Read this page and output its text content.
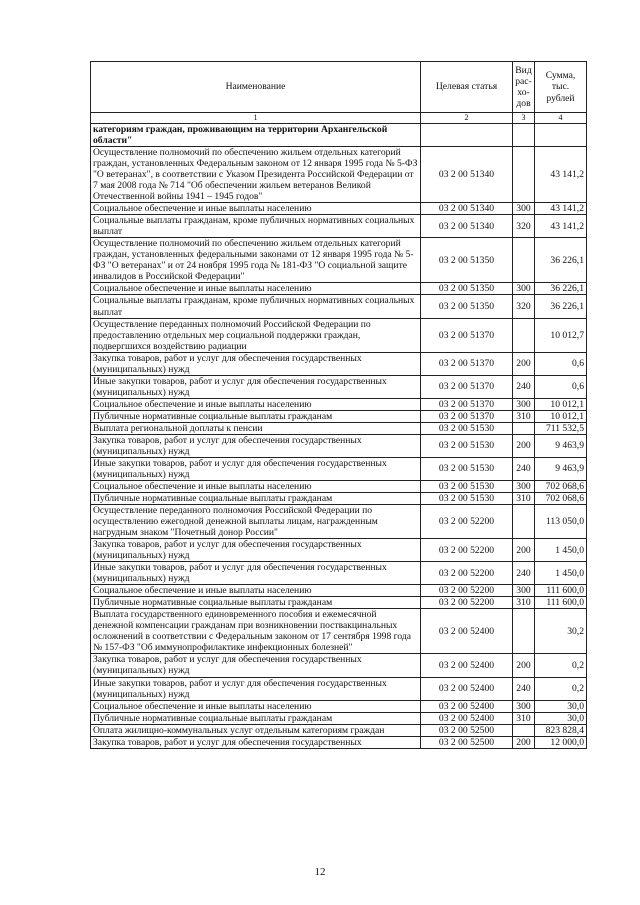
Наименование	Целевая статья	Вид рас-хо-дов	Сумма, тыс. рублей
1	2	3	4
категориям граждан, проживающим на территории Архангельской области"			
Осуществление полномочий по обеспечению жильем отдельных категорий граждан, установленных Федеральным законом от 12 января 1995 года № 5-ФЗ "О ветеранах", в соответствии с Указом Президента Российской Федерации от 7 мая 2008 года № 714 "Об обеспечении жильем ветеранов Великой Отечественной войны 1941 – 1945 годов"	03 2 00 51340		43 141,2
Социальное обеспечение и иные выплаты населению	03 2 00 51340	300	43 141,2
Социальные выплаты гражданам, кроме публичных нормативных социальных выплат	03 2 00 51340	320	43 141,2
Осуществление полномочий по обеспечению жильем отдельных категорий граждан, установленных федеральными законами от 12 января 1995 года № 5-ФЗ "О ветеранах" и от 24 ноября 1995 года № 181-ФЗ "О социальной защите инвалидов в Российской Федерации"	03 2 00 51350		36 226,1
Социальное обеспечение и иные выплаты населению	03 2 00 51350	300	36 226,1
Социальные выплаты гражданам, кроме публичных нормативных социальных выплат	03 2 00 51350	320	36 226,1
Осуществление переданных полномочий Российской Федерации по предоставлению отдельных мер социальной поддержки граждан, подвергшихся воздействию радиации	03 2 00 51370		10 012,7
Закупка товаров, работ и услуг для обеспечения государственных (муниципальных) нужд	03 2 00 51370	200	0,6
Иные закупки товаров, работ и услуг для обеспечения государственных (муниципальных) нужд	03 2 00 51370	240	0,6
Социальное обеспечение и иные выплаты населению	03 2 00 51370	300	10 012,1
Публичные нормативные социальные выплаты гражданам	03 2 00 51370	310	10 012,1
Выплата региональной доплаты к пенсии	03 2 00 51530		711 532,5
Закупка товаров, работ и услуг для обеспечения государственных (муниципальных) нужд	03 2 00 51530	200	9 463,9
Иные закупки товаров, работ и услуг для обеспечения государственных (муниципальных) нужд	03 2 00 51530	240	9 463,9
Социальное обеспечение и иные выплаты населению	03 2 00 51530	300	702 068,6
Публичные нормативные социальные выплаты гражданам	03 2 00 51530	310	702 068,6
Осуществление переданного полномочия Российской Федерации по осуществлению ежегодной денежной выплаты лицам, награжденным нагрудным знаком "Почетный донор России"	03 2 00 52200		113 050,0
Закупка товаров, работ и услуг для обеспечения государственных (муниципальных) нужд	03 2 00 52200	200	1 450,0
Иные закупки товаров, работ и услуг для обеспечения государственных (муниципальных) нужд	03 2 00 52200	240	1 450,0
Социальное обеспечение и иные выплаты населению	03 2 00 52200	300	111 600,0
Публичные нормативные социальные выплаты гражданам	03 2 00 52200	310	111 600,0
Выплата государственного единовременного пособия и ежемесячной денежной компенсации гражданам при возникновении поствакцинальных осложнений в соответствии с Федеральным законом от 17 сентября 1998 года № 157-ФЗ "Об иммунопрофилактике инфекционных болезней"	03 2 00 52400		30,2
Закупка товаров, работ и услуг для обеспечения государственных (муниципальных) нужд	03 2 00 52400	200	0,2
Иные закупки товаров, работ и услуг для обеспечения государственных (муниципальных) нужд	03 2 00 52400	240	0,2
Социальное обеспечение и иные выплаты населению	03 2 00 52400	300	30,0
Публичные нормативные социальные выплаты гражданам	03 2 00 52400	310	30,0
Оплата жилищно-коммунальных услуг отдельным категориям граждан	03 2 00 52500		823 828,4
Закупка товаров, работ и услуг для обеспечения государственных	03 2 00 52500	200	12 000,0
12
